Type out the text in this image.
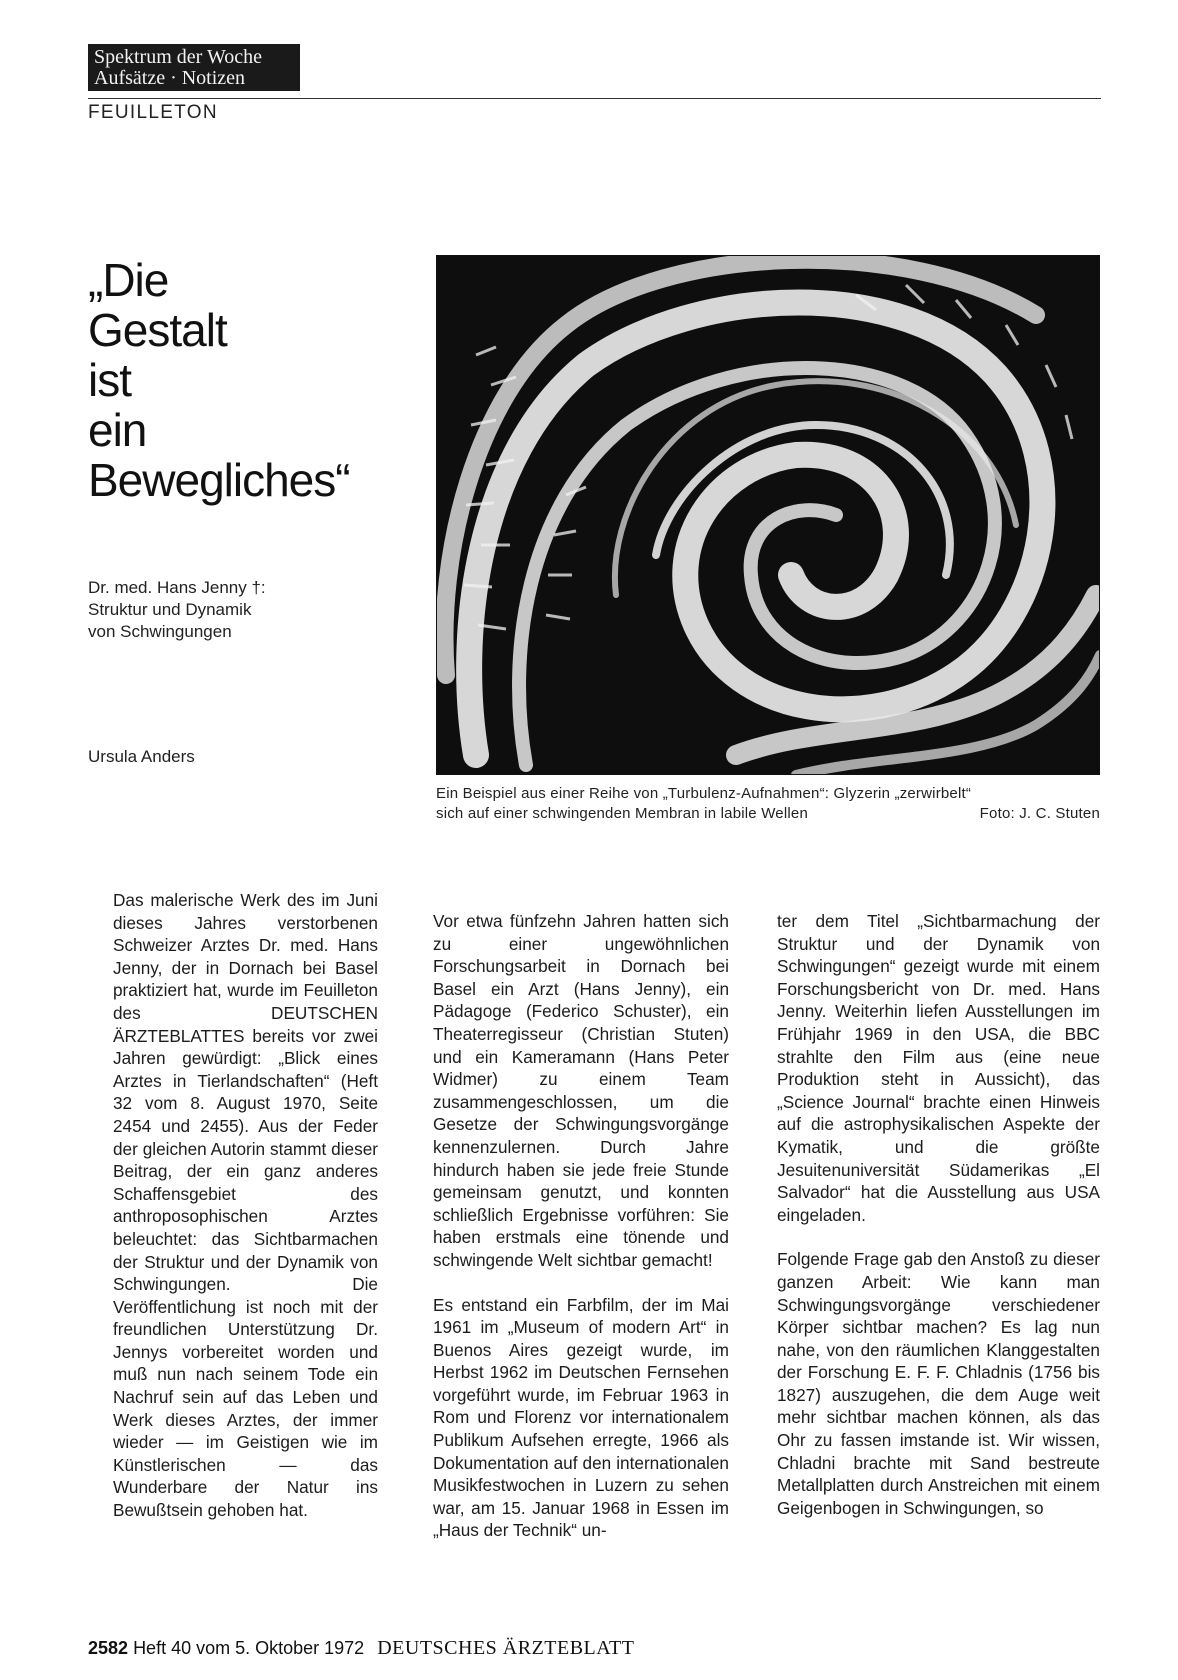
Spektrum der Woche
Aufsätze · Notizen
FEUILLETON
„Die
Gestalt
ist
ein
Bewegliches“
Dr. med. Hans Jenny †:
Struktur und Dynamik
von Schwingungen
Ursula Anders
Ein Beispiel aus einer Reihe von „Turbulenz-Aufnahmen“: Glyzerin „zerwirbelt“
sich auf einer schwingenden Membran in labile Wellen	Foto: J. C. Stuten

Das malerische Werk des im Juni dieses Jahres verstorbenen Schweizer Arztes Dr. med. Hans Jenny, der in Dornach bei Basel praktiziert hat, wurde im Feuilleton des DEUTSCHEN ÄRZTEBLATTES bereits vor zwei Jahren gewürdigt: „Blick eines Arztes in Tierlandschaften“ (Heft 32 vom 8. August 1970, Seite 2454 und 2455). Aus der Feder der gleichen Autorin stammt dieser Beitrag, der ein ganz anderes Schaffensgebiet des anthroposophischen Arztes beleuchtet: das Sichtbarmachen der Struktur und der Dynamik von Schwingungen. Die Veröffentlichung ist noch mit der freundlichen Unterstützung Dr. Jennys vorbereitet worden und muß nun nach seinem Tode ein Nachruf sein auf das Leben und Werk dieses Arztes, der immer wieder — im Geistigen wie im Künstlerischen — das Wunderbare der Natur ins Bewußtsein gehoben hat.

Vor etwa fünfzehn Jahren hatten sich zu einer ungewöhnlichen Forschungsarbeit in Dornach bei Basel ein Arzt (Hans Jenny), ein Pädagoge (Federico Schuster), ein Theaterregisseur (Christian Stuten) und ein Kameramann (Hans Peter Widmer) zu einem Team zusammengeschlossen, um die Gesetze der Schwingungsvorgänge kennenzulernen. Durch Jahre hindurch haben sie jede freie Stunde gemeinsam genutzt, und konnten schließlich Ergebnisse vorführen: Sie haben erstmals eine tönende und schwingende Welt sichtbar gemacht!

Es entstand ein Farbfilm, der im Mai 1961 im „Museum of modern Art“ in Buenos Aires gezeigt wurde, im Herbst 1962 im Deutschen Fernsehen vorgeführt wurde, im Februar 1963 in Rom und Florenz vor internationalem Publikum Aufsehen erregte, 1966 als Dokumentation auf den internationalen Musikfestwochen in Luzern zu sehen war, am 15. Januar 1968 in Essen im „Haus der Technik“ un-

ter dem Titel „Sichtbarmachung der Struktur und der Dynamik von Schwingungen“ gezeigt wurde mit einem Forschungsbericht von Dr. med. Hans Jenny. Weiterhin liefen Ausstellungen im Frühjahr 1969 in den USA, die BBC strahlte den Film aus (eine neue Produktion steht in Aussicht), das „Science Journal“ brachte einen Hinweis auf die astrophysikalischen Aspekte der Kymatik, und die größte Jesuitenuniversität Südamerikas „El Salvador“ hat die Ausstellung aus USA eingeladen.

Folgende Frage gab den Anstoß zu dieser ganzen Arbeit: Wie kann man Schwingungsvorgänge verschiedener Körper sichtbar machen? Es lag nun nahe, von den räumlichen Klanggestalten der Forschung E. F. F. Chladnis (1756 bis 1827) auszugehen, die dem Auge weit mehr sichtbar machen können, als das Ohr zu fassen imstande ist. Wir wissen, Chladni brachte mit Sand bestreute Metallplatten durch Anstreichen mit einem Geigenbogen in Schwingungen, so

2582 Heft 40 vom 5. Oktober 1972 DEUTSCHES ÄRZTEBLATT
